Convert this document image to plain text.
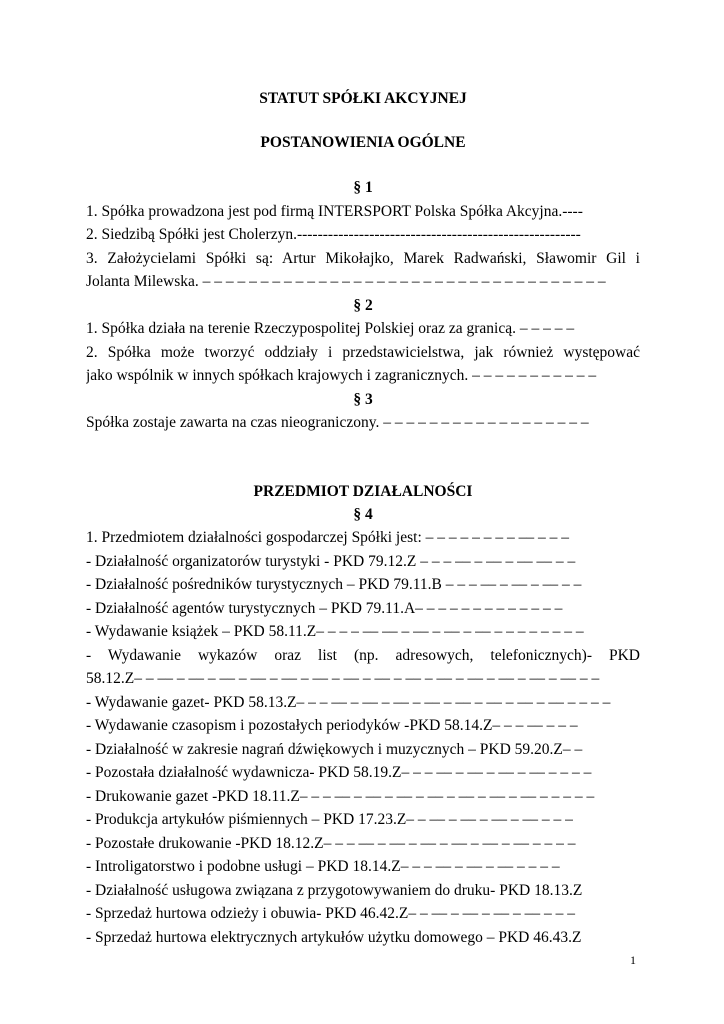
STATUT SPÓŁKI AKCYJNEJ

POSTANOWIENIA OGÓLNE

§ 1

1. Spółka prowadzona jest pod firmą INTERSPORT Polska Spółka Akcyjna.----

2. Siedzibą Spółki jest Cholerzyn.-------------------------------------------------------

3. Założycielami Spółki są: Artur Mikołajko, Marek Radwański, Sławomir Gil i

Jolanta Milewska. – – – – – – – – – – – – – – – – – – – – – – – – – – – – – – – – – – –

§ 2

1. Spółka działa na terenie Rzeczypospolitej Polskiej oraz za granicą. – – – – –

2. Spółka może tworzyć oddziały i przedstawicielstwa, jak również występować

jako wspólnik w innych spółkach krajowych i zagranicznych. – – – – – – – – – – –

§ 3

Spółka zostaje zawarta na czas nieograniczony. – – – – – – – – – – – – – – – – – –

PRZEDMIOT DZIAŁALNOŚCI

§ 4

1. Przedmiotem działalności gospodarczej Spółki jest: – – – – – – – – –– – – –

- Działalność organizatorów turystyki - PKD 79.12.Z – – – –– – –– – –– –– – –

- Działalność pośredników turystycznych – PKD 79.11.B – – – –– – –– – –– – –

- Działalność agentów turystycznych – PKD 79.11.A– – – – – – – – – – – – –

- Wydawanie książek – PKD 58.11.Z– – – – –– –– – –– – –– – –– – – – – – – – –

- Wydawanie wykazów oraz list (np. adresowych, telefonicznych)- PKD

58.12.Z– – –– – –– – –– – –– – –– – –– – –– – –– – –– – –– – –– – –– – –– – –– – –

- Wydawanie gazet- PKD 58.13.Z– – – –– – –– – –– – –– – –– – –– – –– – –– – – – –

- Wydawanie czasopism i pozostałych periodyków -PKD 58.14.Z– – – –– – – –

- Działalność w zakresie nagrań dźwiękowych i muzycznych – PKD 59.20.Z– –

- Pozostała działalność wydawnicza- PKD 58.19.Z– – – –– – –– – –– – –– – – – –

- Drukowanie gazet -PKD 18.11.Z– – – –– – –– – –– – –– – –– – –– – –– – – – – –

- Produkcja artykułów piśmiennych – PKD 17.23.Z– – –– – –– – –– – –– – – –

- Pozostałe drukowanie -PKD 18.12.Z– – – –– – –– – –– – –– – –– – –– – – – –

- Introligatorstwo i podobne usługi – PKD 18.14.Z– – – –– – –– – –– – – – –

- Działalność usługowa związana z przygotowywaniem do druku- PKD 18.13.Z

- Sprzedaż hurtowa odzieży i obuwia- PKD 46.42.Z– – –– – –– – –– – –– – – –

- Sprzedaż hurtowa elektrycznych artykułów użytku domowego – PKD 46.43.Z

1
